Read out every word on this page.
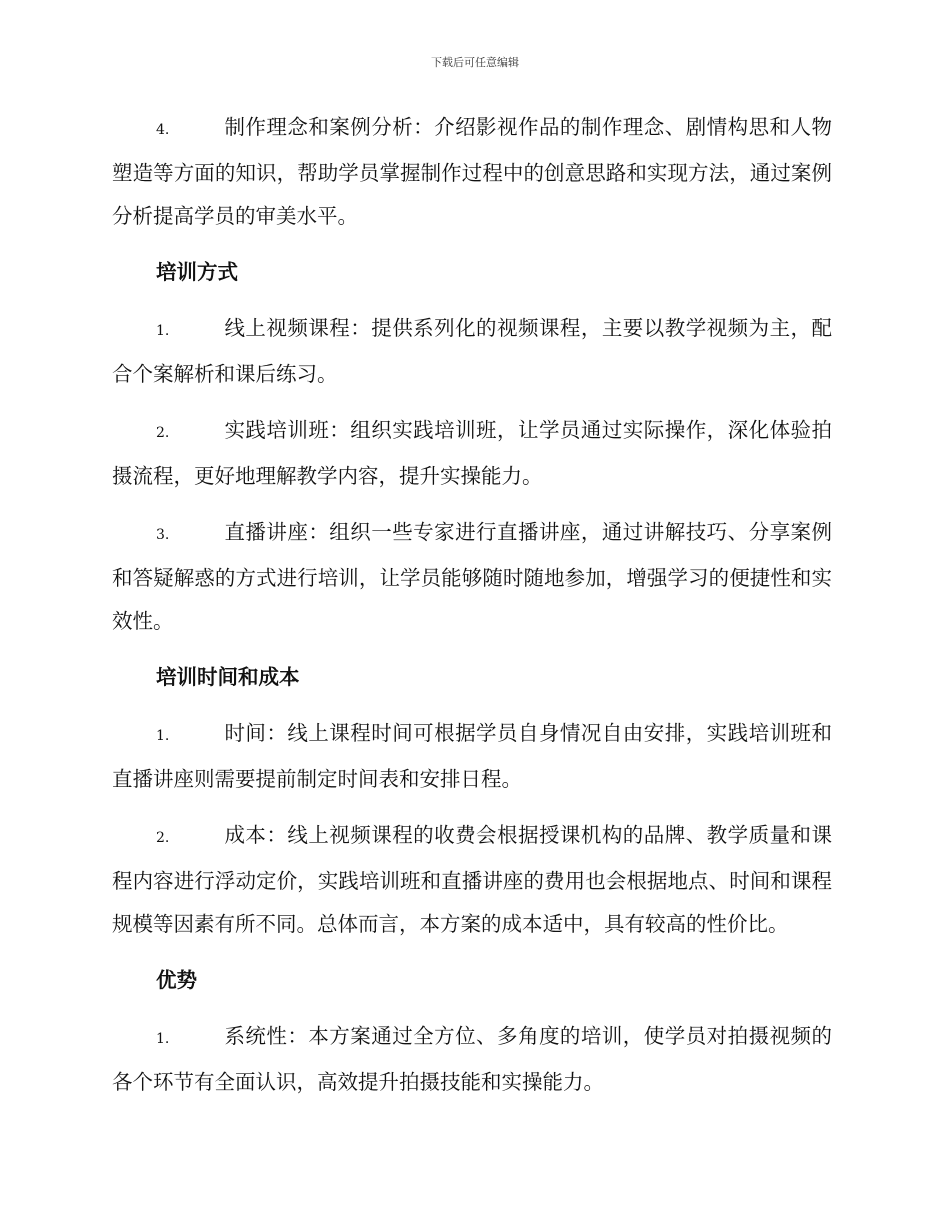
下载后可任意编辑

4.	制作理念和案例分析：介绍影视作品的制作理念、剧情构思和人物塑造等方面的知识，帮助学员掌握制作过程中的创意思路和实现方法，通过案例分析提高学员的审美水平。

培训方式

1.	线上视频课程：提供系列化的视频课程，主要以教学视频为主，配合个案解析和课后练习。

2.	实践培训班：组织实践培训班，让学员通过实际操作，深化体验拍摄流程，更好地理解教学内容，提升实操能力。

3.	直播讲座：组织一些专家进行直播讲座，通过讲解技巧、分享案例和答疑解惑的方式进行培训，让学员能够随时随地参加，增强学习的便捷性和实效性。

培训时间和成本

1.	时间：线上课程时间可根据学员自身情况自由安排，实践培训班和直播讲座则需要提前制定时间表和安排日程。

2.	成本：线上视频课程的收费会根据授课机构的品牌、教学质量和课程内容进行浮动定价，实践培训班和直播讲座的费用也会根据地点、时间和课程规模等因素有所不同。总体而言，本方案的成本适中，具有较高的性价比。

优势

1.	系统性：本方案通过全方位、多角度的培训，使学员对拍摄视频的各个环节有全面认识，高效提升拍摄技能和实操能力。
